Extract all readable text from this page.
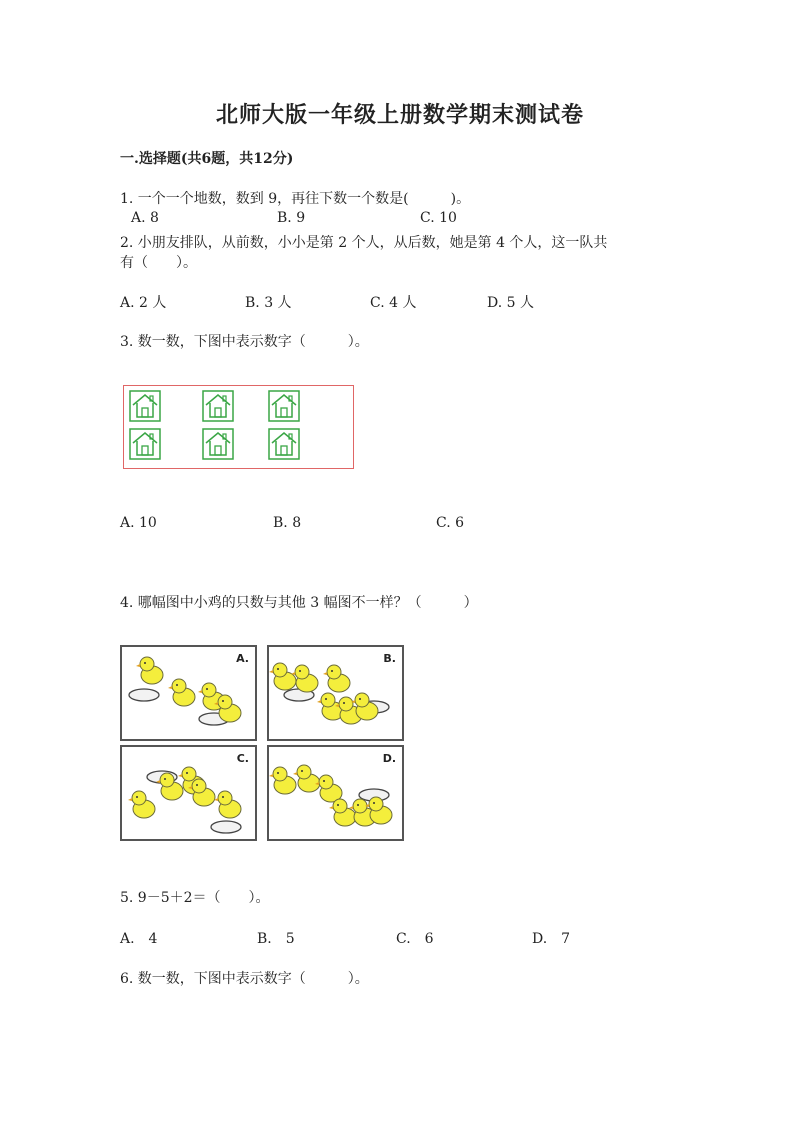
北师大版一年级上册数学期末测试卷
一.选择题(共6题，共12分)
1. 一个一个地数，数到 9，再往下数一个数是(　　　)。
A. 8	B. 9	C. 10
2. 小朋友排队，从前数，小小是第 2 个人，从后数，她是第 4 个人，这一队共
有（　　）。
A. 2 人	B. 3 人	C. 4 人	D. 5 人
3. 数一数，下图中表示数字（　　　）。
A. 10	B. 8	C. 6
4. 哪幅图中小鸡的只数与其他 3 幅图不一样？（　　　）
A.	B.
C.	D.
5. 9－5＋2＝（　　）。
A.　4	B.　5	C.　6	D.　7
6. 数一数，下图中表示数字（　　　）。
